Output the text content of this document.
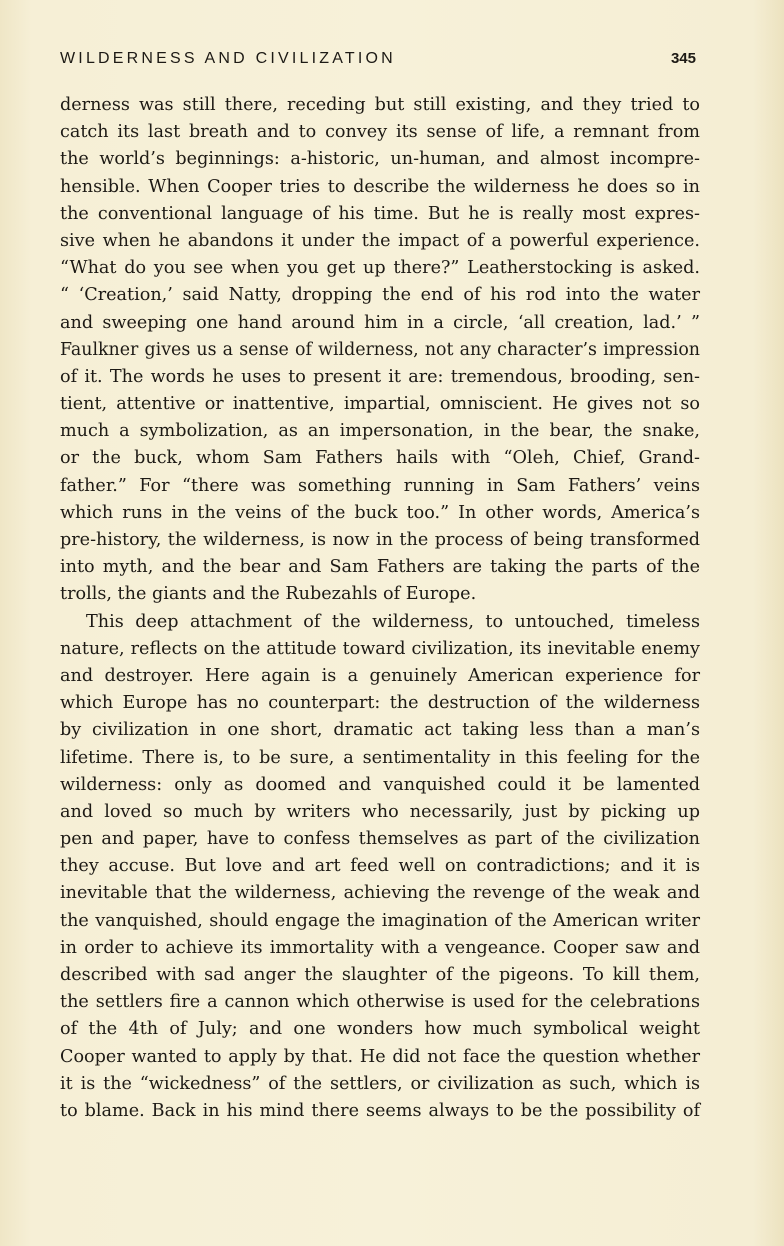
WILDERNESS AND CIVILIZATION	345
derness was still there, receding but still existing, and they tried to
catch its last breath and to convey its sense of life, a remnant from
the world’s beginnings: a-historic, un-human, and almost incompre-
hensible. When Cooper tries to describe the wilderness he does so in
the conventional language of his time. But he is really most expres-
sive when he abandons it under the impact of a powerful experience.
“What do you see when you get up there?” Leatherstocking is asked.
“ ‘Creation,’ said Natty, dropping the end of his rod into the water
and sweeping one hand around him in a circle, ‘all creation, lad.’ ”
Faulkner gives us a sense of wilderness, not any character’s impression
of it. The words he uses to present it are: tremendous, brooding, sen-
tient, attentive or inattentive, impartial, omniscient. He gives not so
much a symbolization, as an impersonation, in the bear, the snake,
or the buck, whom Sam Fathers hails with “Oleh, Chief, Grand-
father.” For “there was something running in Sam Fathers’ veins
which runs in the veins of the buck too.” In other words, America’s
pre-history, the wilderness, is now in the process of being transformed
into myth, and the bear and Sam Fathers are taking the parts of the
trolls, the giants and the Rubezahls of Europe.
This deep attachment of the wilderness, to untouched, timeless
nature, reflects on the attitude toward civilization, its inevitable enemy
and destroyer. Here again is a genuinely American experience for
which Europe has no counterpart: the destruction of the wilderness
by civilization in one short, dramatic act taking less than a man’s
lifetime. There is, to be sure, a sentimentality in this feeling for the
wilderness: only as doomed and vanquished could it be lamented
and loved so much by writers who necessarily, just by picking up
pen and paper, have to confess themselves as part of the civilization
they accuse. But love and art feed well on contradictions; and it is
inevitable that the wilderness, achieving the revenge of the weak and
the vanquished, should engage the imagination of the American writer
in order to achieve its immortality with a vengeance. Cooper saw and
described with sad anger the slaughter of the pigeons. To kill them,
the settlers fire a cannon which otherwise is used for the celebrations
of the 4th of July; and one wonders how much symbolical weight
Cooper wanted to apply by that. He did not face the question whether
it is the “wickedness” of the settlers, or civilization as such, which is
to blame. Back in his mind there seems always to be the possibility of
